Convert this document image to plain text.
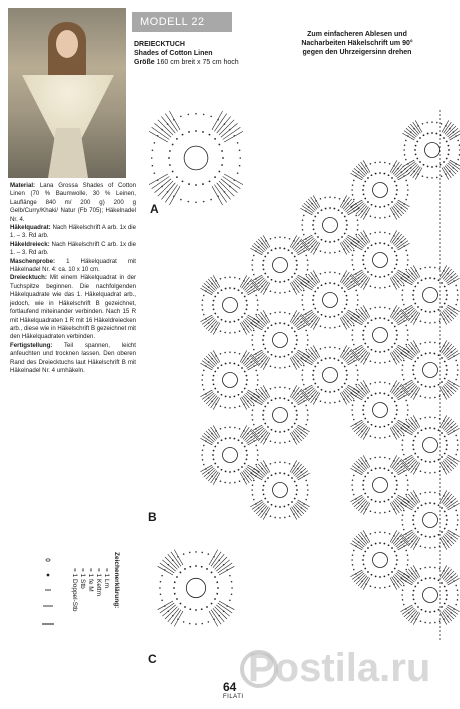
MODELL 22
DREIECKTUCH
Shades of Cotton Linen
Größe 160 cm breit x 75 cm hoch
Zum einfacheren Ablesen und Nacharbeiten Häkelschrift um 90° gegen den Uhrzeigersinn drehen

Material: Lana Grossa Shades of Cotton Linen (70 % Baumwolle, 30 % Leinen, Lauflänge 840 m/ 200 g) 200 g Gelb/Curry/Khaki/ Natur (Fb 705); Häkelnadel Nr. 4.

Häkelquadrat: Nach Häkelschrift A arb. 1x die 1. – 3. Rd arb.

Häkeldreieck: Nach Häkelschrift C arb. 1x die 1. – 3. Rd arb.

Maschenprobe: 1 Häkelquadrat mit Häkelnadel Nr. 4: ca. 10 x 10 cm.

Dreiecktuch: Mit einem Häkelquadrat in der Tuchspitze beginnen. Die nachfolgenden Häkelquadrate wie das 1. Häkelquadrat arb., jedoch, wie in Häkelschrift B gezeichnet, fortlaufend miteinander verbinden. Nach 15 R mit Häkelquadraten 1 R mit 16 Häkeldreiecken arb., diese wie in Häkelschrift B gezeichnet mit den Häkelquadraten verbinden.

Fertigstellung: Teil spannen, leicht anfeuchten und trocknen lassen. Den oberen Rand des Dreiecktuchs laut Häkelschrift B mit Häkelnadel Nr. 4 umhäkeln.

A
B
C
Zeichenerklärung:
= 1 Lm
= 1 Kettm
= 1 fe M
= 1 Stb
= 1 Doppel-Stb
Postila.ru
64
FILATI
